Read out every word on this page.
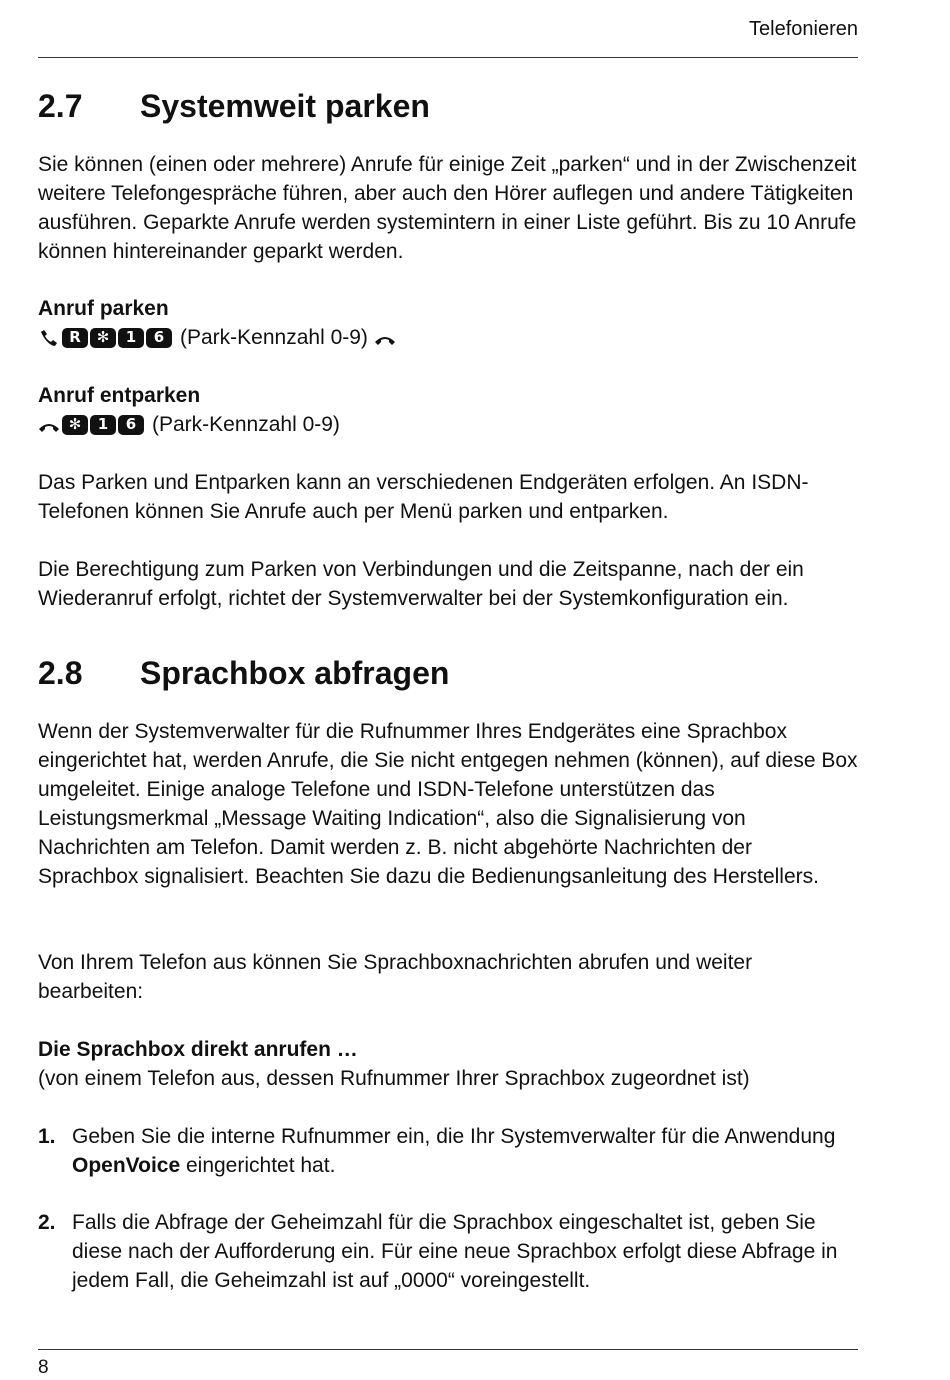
Telefonieren
2.7 Systemweit parken

Sie können (einen oder mehrere) Anrufe für einige Zeit „parken“ und in der Zwischenzeit weitere Telefongespräche führen, aber auch den Hörer auflegen und andere Tätigkeiten ausführen. Geparkte Anrufe werden systemintern in einer Liste geführt. Bis zu 10 Anrufe können hintereinander geparkt werden.

Anruf parken
R	✻	1	6 (Park-Kennzahl 0-9)
Anruf entparken
✻	1	6 (Park-Kennzahl 0-9)

Das Parken und Entparken kann an verschiedenen Endgeräten erfolgen. An ISDN-Telefonen können Sie Anrufe auch per Menü parken und entparken.

Die Berechtigung zum Parken von Verbindungen und die Zeitspanne, nach der ein Wiederanruf erfolgt, richtet der Systemverwalter bei der Systemkonfiguration ein.

2.8 Sprachbox abfragen

Wenn der Systemverwalter für die Rufnummer Ihres Endgerätes eine Sprachbox eingerichtet hat, werden Anrufe, die Sie nicht entgegen nehmen (können), auf diese Box umgeleitet. Einige analoge Telefone und ISDN-Telefone unterstützen das Leistungsmerkmal „Message Waiting Indication“, also die Signalisierung von Nachrichten am Telefon. Damit werden z. B. nicht abgehörte Nachrichten der Sprachbox signalisiert. Beachten Sie dazu die Bedienungsanleitung des Herstellers.

Von Ihrem Telefon aus können Sie Sprachboxnachrichten abrufen und weiter bearbeiten:

Die Sprachbox direkt anrufen …
(von einem Telefon aus, dessen Rufnummer Ihrer Sprachbox zugeordnet ist)
1. Geben Sie die interne Rufnummer ein, die Ihr Systemverwalter für die Anwendung OpenVoice eingerichtet hat.
2. Falls die Abfrage der Geheimzahl für die Sprachbox eingeschaltet ist, geben Sie diese nach der Aufforderung ein. Für eine neue Sprachbox erfolgt diese Abfrage in jedem Fall, die Geheimzahl ist auf „0000“ voreingestellt.
8
